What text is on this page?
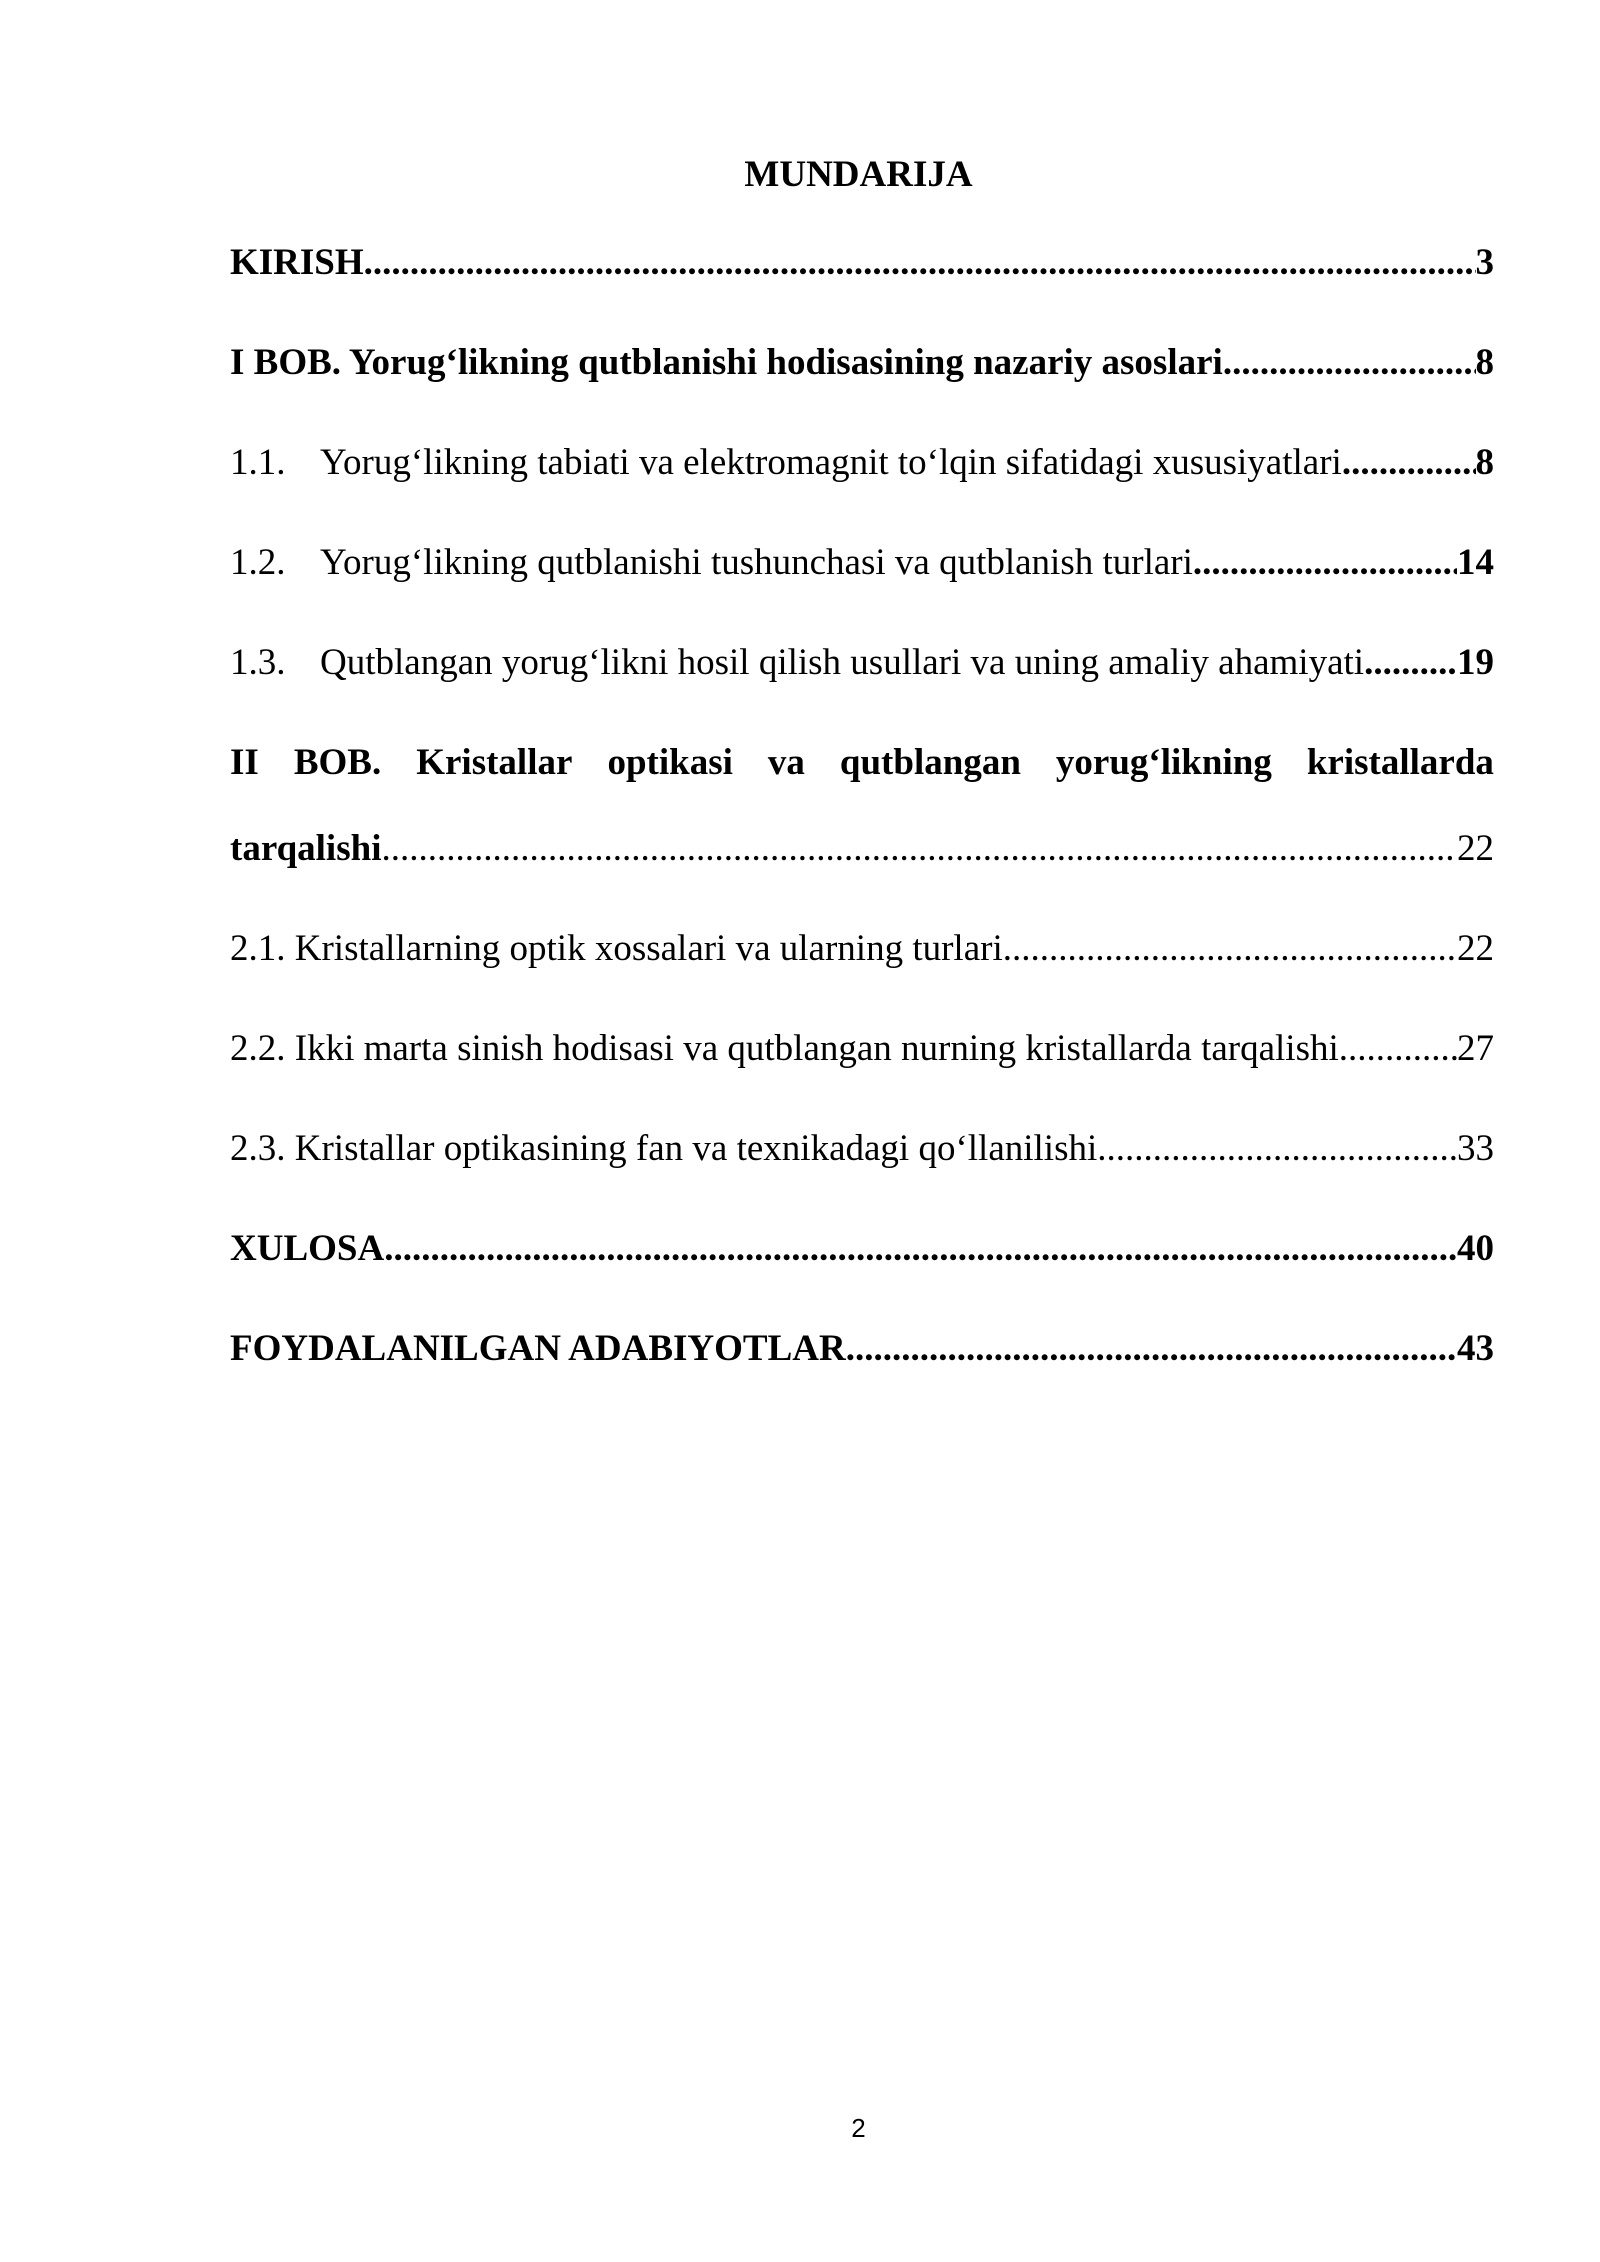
MUNDARIJA
KIRISH .....	3
I BOB. Yorug‘likning qutblanishi hodisasining nazariy asoslari .....	8
1.1. Yorug‘likning tabiati va elektromagnit to‘lqin sifatidagi xususiyatlari .....	8
1.2. Yorug‘likning qutblanishi tushunchasi va qutblanish turlari .....	14
1.3. Qutblangan yorug‘likni hosil qilish usullari va uning amaliy ahamiyati .....	19
II BOB. Kristallar optikasi va qutblangan yorug‘likning kristallarda
tarqalishi .....	22
2.1. Kristallarning optik xossalari va ularning turlari .....	22
2.2. Ikki marta sinish hodisasi va qutblangan nurning kristallarda tarqalishi .....	27
2.3. Kristallar optikasining fan va texnikadagi qo‘llanilishi .....	33
XULOSA .....	40
FOYDALANILGAN ADABIYOTLAR .....	43
2
